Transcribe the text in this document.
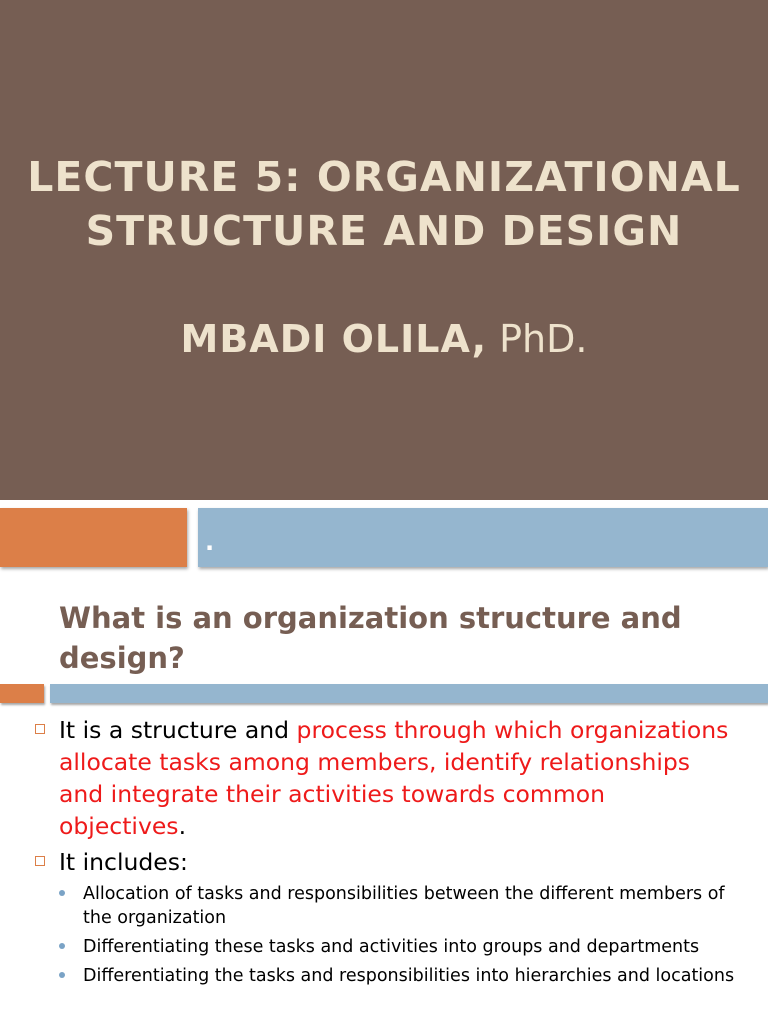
LECTURE 5: ORGANIZATIONAL
STRUCTURE AND DESIGN

MBADI OLILA, PhD.

.
What is an organization structure and design?
It is a structure and process through which organizations allocate tasks among members, identify relationships and integrate their activities towards common objectives.
It includes:
Allocation of tasks and responsibilities between the different members of the organization
Differentiating these tasks and activities into groups and departments
Differentiating the tasks and responsibilities into hierarchies and locations
